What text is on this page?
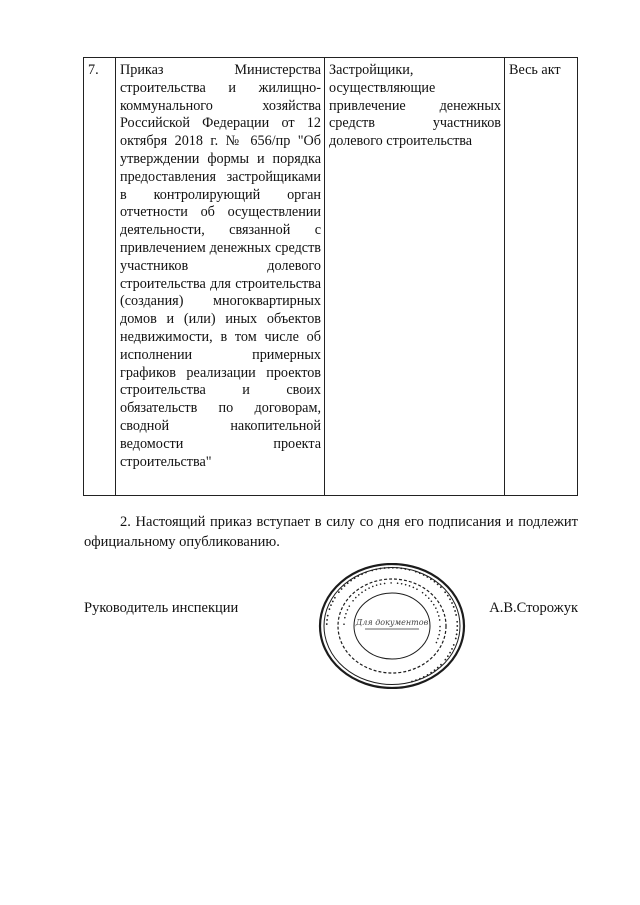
7.	Приказ Министерства строительства и жилищно-коммунального хозяйства Российской Федерации от 12 октября 2018 г. № 656/пр "Об утверждении формы и порядка предоставления застройщиками в контролирующий орган отчетности об осуществлении деятельности, связанной с привлечением денежных средств участников долевого строительства для строительства (создания) многоквартирных домов и (или) иных объектов недвижимости, в том числе об исполнении примерных графиков реализации проектов строительства и своих обязательств по договорам, сводной накопительной ведомости проекта строительства"	Застройщики, осуществляющие привлечение денежных средств участников долевого строительства	Весь акт

2. Настоящий приказ вступает в силу со дня его подписания и подлежит официальному опубликованию.

Руководитель инспекции	А.В.Сторожук
••• •••• ••••••••• •••••••••• •••••••• ••••••• ••••• ••••• •••••••••
• •••• •••••••••• • •••••• ••••••••• •••••
Для документов
